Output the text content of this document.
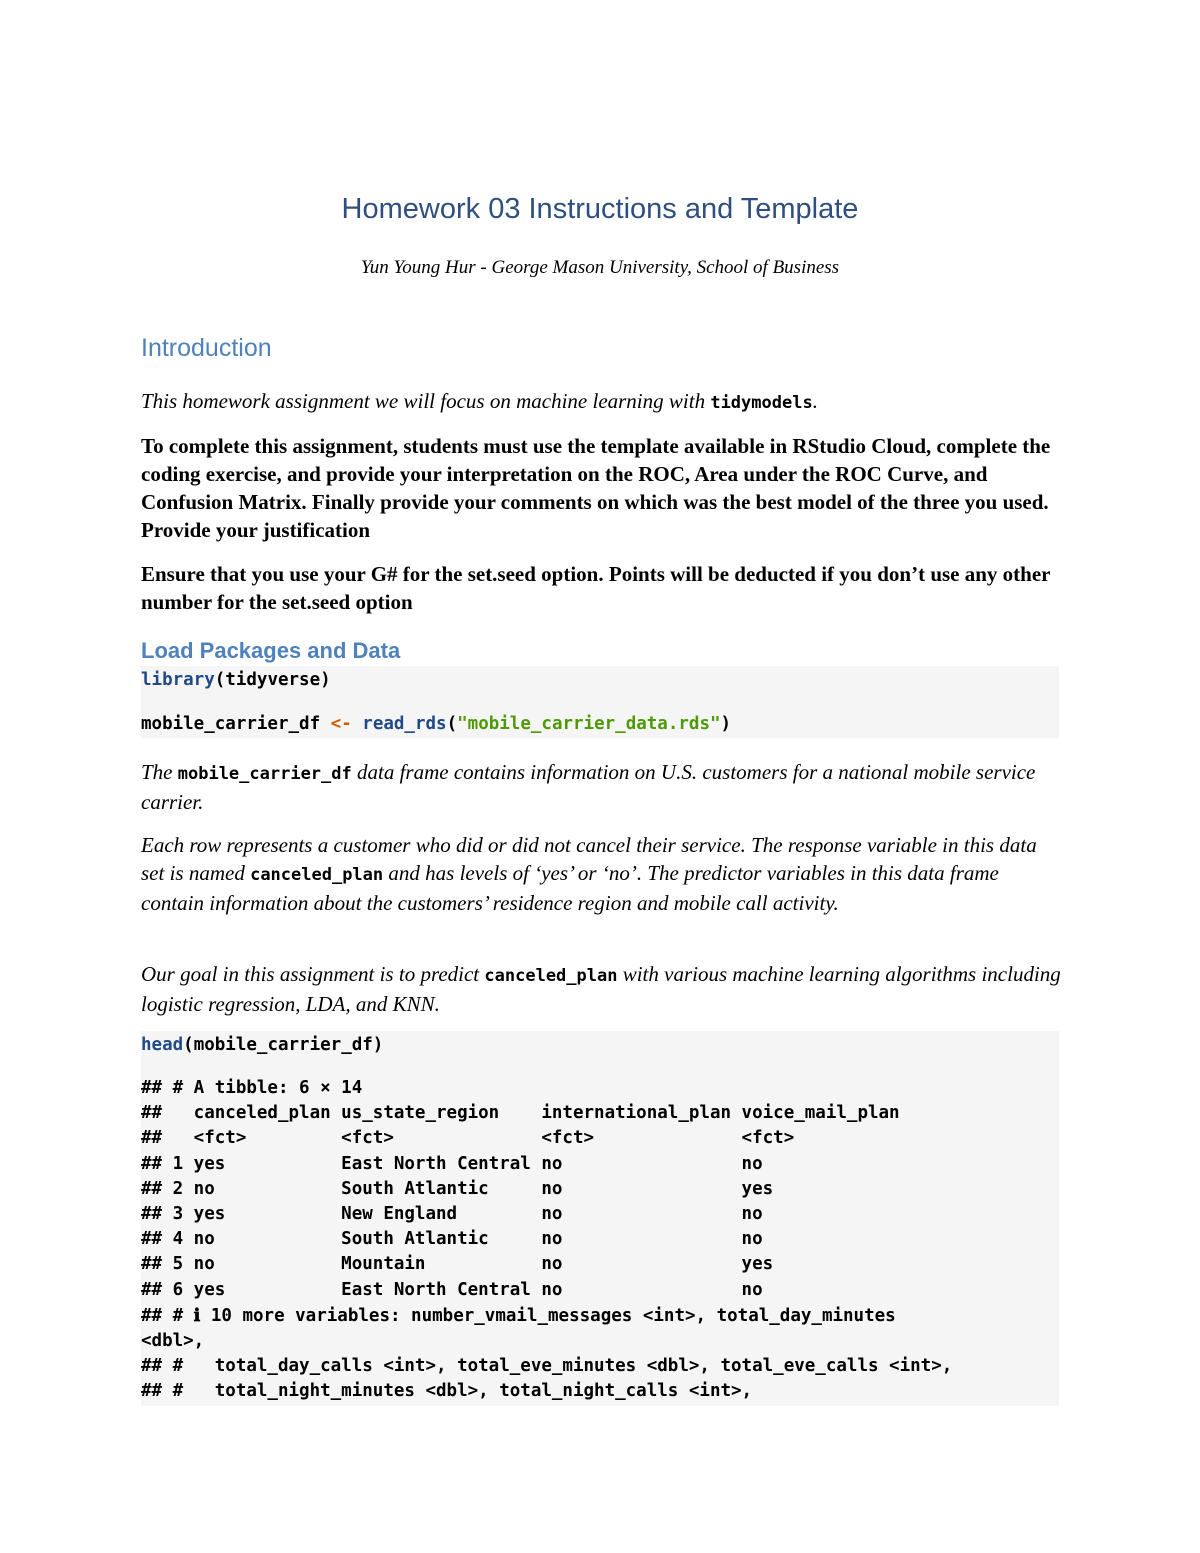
Homework 03 Instructions and Template

Yun Young Hur - George Mason University, School of Business

Introduction

This homework assignment we will focus on machine learning with tidymodels.

To complete this assignment, students must use the template available in RStudio Cloud, complete the coding exercise, and provide your interpretation on the ROC, Area under the ROC Curve, and Confusion Matrix. Finally provide your comments on which was the best model of the three you used. Provide your justification

Ensure that you use your G# for the set.seed option. Points will be deducted if you don’t use any other number for the set.seed option

Load Packages and Data

library(tidyverse)

mobile_carrier_df <- read_rds("mobile_carrier_data.rds")

The mobile_carrier_df data frame contains information on U.S. customers for a national mobile service carrier.

Each row represents a customer who did or did not cancel their service. The response variable in this data set is named canceled_plan and has levels of ‘yes’ or ‘no’. The predictor variables in this data frame contain information about the customers’ residence region and mobile call activity.

Our goal in this assignment is to predict canceled_plan with various machine learning algorithms including logistic regression, LDA, and KNN.

head(mobile_carrier_df)

## # A tibble: 6 × 14

##   canceled_plan us_state_region    international_plan voice_mail_plan

##   <fct>         <fct>              <fct>              <fct>

## 1 yes           East North Central no                 no

## 2 no            South Atlantic     no                 yes

## 3 yes           New England        no                 no

## 4 no            South Atlantic     no                 no

## 5 no            Mountain           no                 yes

## 6 yes           East North Central no                 no

## # ℹ 10 more variables: number_vmail_messages <int>, total_day_minutes

<dbl>,

## #   total_day_calls <int>, total_eve_minutes <dbl>, total_eve_calls <int>,

## #   total_night_minutes <dbl>, total_night_calls <int>,
